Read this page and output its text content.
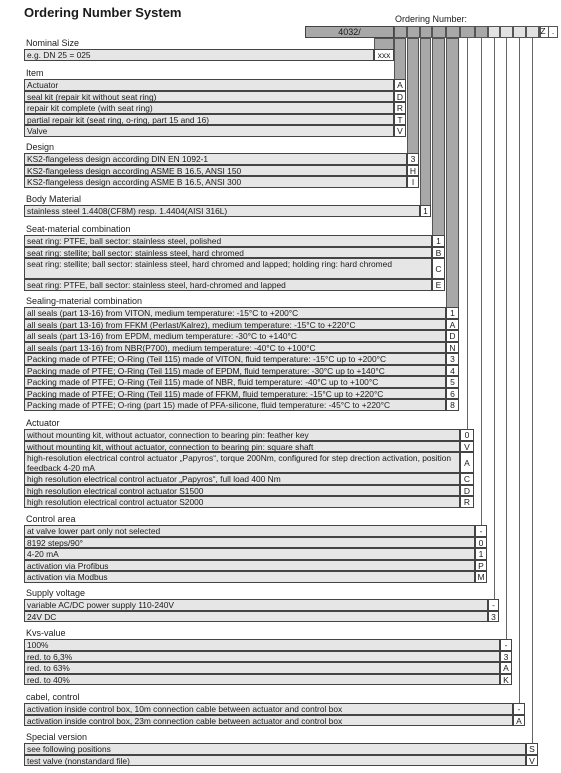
Ordering Number System	Ordering Number:
4032/	Z .
Nominal Size
e.g. DN 25 = 025	xxx
Item
Actuator	A
seal kit (repair kit without seat ring)	D
repair kit complete (with seat ring)	R
partial repair kit (seat ring, o-ring, part 15 and 16)	T
Valve	V
Design
KS2-flangeless design according DIN EN 1092-1	3
KS2-flangeless design according ASME B 16.5, ANSI 150	H
KS2-flangeless design according ASME B 16.5, ANSI 300	I
Body Material
stainless steel 1.4408(CF8M) resp. 1.4404(AISI 316L)	1
Seat-material combination
seat ring: PTFE, ball sector: stainless steel, polished	1
seat ring: stellite; ball sector: stainless steel, hard chromed	B
seat ring: stellite; ball sector: stainless steel, hard chromed and lapped; holding ring: hard chromed	C
seat ring: PTFE, ball sector: stainless steel, hard-chromed and lapped	E
Sealing-material combination
all seals (part 13-16) from VITON, medium temperature: -15°C to +200°C	1
all seals (part 13-16) from FFKM (Perlast/Kalrez), medium temperature: -15°C to +220°C	A
all seals (part 13-16) from EPDM, medium temperature: -30°C to +140°C	D
all seals (part 13-16) from NBR(P700), medium temperature: -40°C to +100°C	N
Packing made of PTFE; O-Ring (Teil 115) made of VITON, fluid temperature: -15°C up to +200°C	3
Packing made of PTFE; O-Ring (Teil 115) made of EPDM, fluid temperature: -30°C up to +140°C	4
Packing made of PTFE; O-Ring (Teil 115) made of NBR, fluid temperature: -40°C up to +100°C	5
Packing made of PTFE; O-Ring (Teil 115) made of FFKM, fluid temperature: -15°C up to +220°C	6
Packing made of PTFE; O-ring (part 15) made of PFA-silicone, fluid temperature: -45°C to +220°C	8
Actuator
without mounting kit, without actuator, connection to bearing pin: feather key	0
without mounting kit, without actuator, connection to bearing pin: square shaft	V
high-resolution electrical control actuator „Papyros“, torque 200Nm, configured for step drection activation, position feedback 4-20 mA	A
high resolution electrical control actuator „Papyros“, full load 400 Nm	C
high resolution electrical control actuator S1500	D
high resolution electrical control actuator S2000	R
Control area
at valve lower part only not selected	-
8192 steps/90°	0
4-20 mA	1
activation via Profibus	P
activation via Modbus	M
Supply voltage
variable AC/DC power supply 110-240V	-
24V DC	3
Kvs-value
100%	-
red. to 6,3%	3
red. to 63%	A
red. to 40%	K
cabel, control
activation inside control box, 10m connection cable between actuator and control box	-
activation inside control box, 23m connection cable between actuator and control box	A
Special version
see following positions	S
test valve (nonstandard file)	V
